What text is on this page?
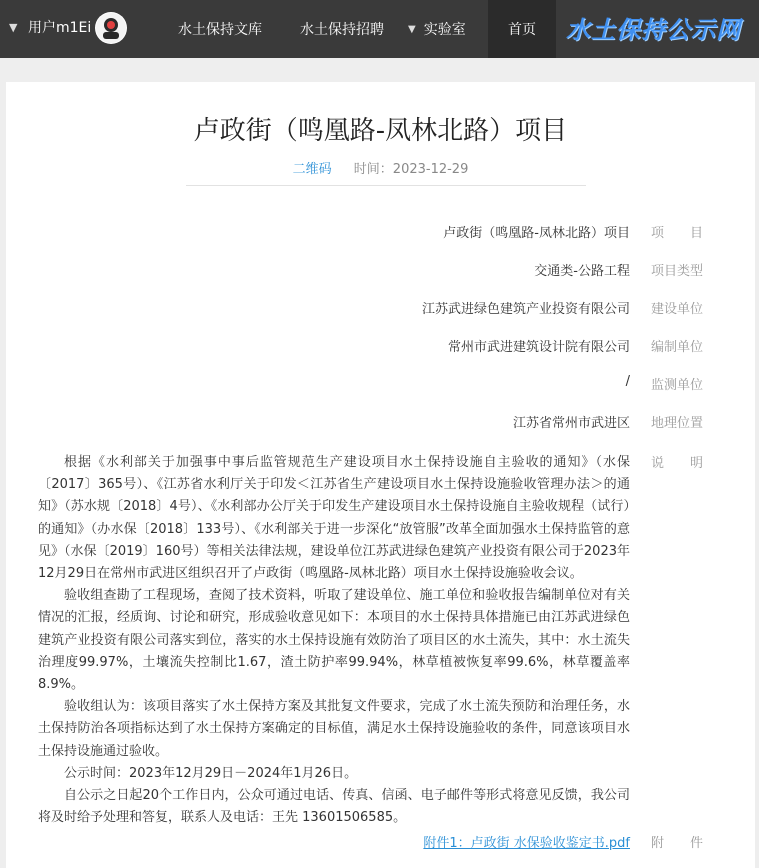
水土保持公示网
首页
▼ 实验室
水土保持招聘
水土保持文库
▼ 用户m1Ei
卢政街（鸣凰路-凤林北路）项目
二维码 时间：2023-12-29
项　　目
卢政街（鸣凰路-凤林北路）项目
项目类型
交通类-公路工程
建设单位
江苏武进绿色建筑产业投资有限公司
编制单位
常州市武进建筑设计院有限公司
监测单位
/
地理位置
江苏省常州市武进区
说　　明

根据《水利部关于加强事中事后监管规范生产建设项目水土保持设施自主验收的通知》（水保〔2017〕365号）、《江苏省水利厅关于印发＜江苏省生产建设项目水土保持设施验收管理办法＞的通知》（苏水规〔2018〕4号）、《水利部办公厅关于印发生产建设项目水土保持设施自主验收规程（试行）的通知》（办水保〔2018〕133号）、《水利部关于进一步深化“放管服”改革全面加强水土保持监管的意见》（水保〔2019〕160号）等相关法律法规，建设单位江苏武进绿色建筑产业投资有限公司于2023年12月29日在常州市武进区组织召开了卢政街（鸣凰路-凤林北路）项目水土保持设施验收会议。

验收组查勘了工程现场，查阅了技术资料，听取了建设单位、施工单位和验收报告编制单位对有关情况的汇报，经质询、讨论和研究，形成验收意见如下：本项目的水土保持具体措施已由江苏武进绿色建筑产业投资有限公司落实到位，落实的水土保持设施有效防治了项目区的水土流失，其中：水土流失治理度99.97%，土壤流失控制比1.67，渣土防护率99.94%，林草植被恢复率99.6%，林草覆盖率8.9%。

验收组认为：该项目落实了水土保持方案及其批复文件要求，完成了水土流失预防和治理任务，水土保持防治各项指标达到了水土保持方案确定的目标值，满足水土保持设施验收的条件，同意该项目水土保持设施通过验收。

公示时间：2023年12月29日－2024年1月26日。

自公示之日起20个工作日内，公众可通过电话、传真、信函、电子邮件等形式将意见反馈，我公司将及时给予处理和答复，联系人及电话：王先 13601506585。

附　　件
附件1：卢政街 水保验收鉴定书.pdf
